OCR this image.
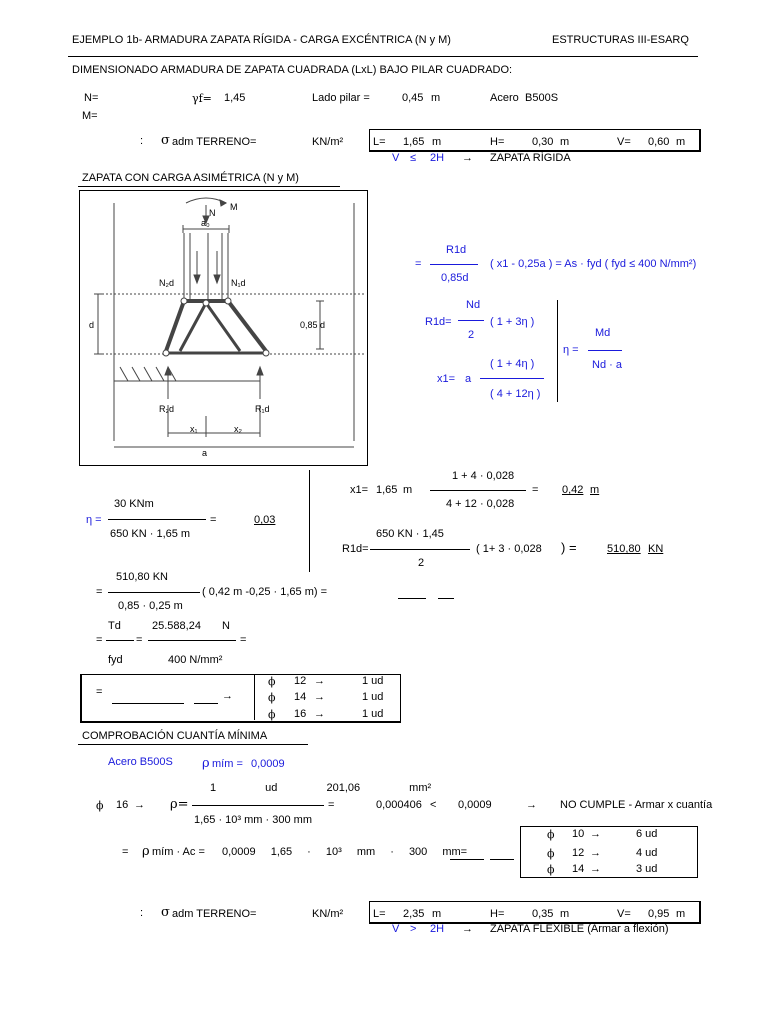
EJEMPLO 1b- ARMADURA ZAPATA RÍGIDA - CARGA EXCÉNTRICA (N y M)	ESTRUCTURAS III-ESARQ
DIMENSIONADO ARMADURA DE ZAPATA CUADRADA (LxL) BAJO PILAR CUADRADO:
N=
M=
γf= 1,45	Lado pilar =	0,45 m	Acero B500S
: σ adm TERRENO=	KN/m²	L= 1,65 m	H=	0,30 m	V= 0,60 m
V ≤ 2H → ZAPATA RÍGIDA
ZAPATA CON CARGA ASIMÉTRICA (N y M)
N
M
a₀
N₂d	N₁d
d	0,85 d
R₂d	R₁d
x₁	x₂
a
=
R1d
0,85d
( x1 - 0,25a ) = As · fyd ( fyd ≤ 400 N/mm²)
R1d=
Nd
2
( 1 + 3η )
x1= a
( 1 + 4η )
( 4 + 12η )
η =
Md
Nd · a
x1= 1,65 m
1 + 4 · 0,028
4 + 12 · 0,028
= 0,42 m
η =
30 KNm
650 KN · 1,65 m
=	0,03
R1d=
650 KN · 1,45
2
( 1+ 3 · 0,028 ) =	510,80 KN
=
510,80 KN
0,85 · 0,25 m
( 0,42 m -0,25 · 1,65 m) =
=
Td	25.588,24 N
=	=
fyd	400 N/mm²
=	→
ϕ 12 →	1 ud
ϕ 14 →	1 ud
ϕ 16 →	1 ud
COMPROBACIÓN CUANTÍA MÍNIMA
Acero B500S ρ mím = 0,0009
ϕ 16 → ρ=
1 ud 201,06 mm²
1,65 · 10³ mm · 300 mm
=	0,000406 < 0,0009	→ NO CUMPLE - Armar x cuantía
= ρ mím · Ac = 0,0009 1,65 · 10³ mm · 300 mm=
ϕ 10 →	6 ud
ϕ 12 →	4 ud
ϕ 14 →	3 ud
: σ adm TERRENO=	KN/m²	L= 2,35 m	H=	0,35 m	V= 0,95 m
V > 2H → ZAPATA FLEXIBLE (Armar a flexión)
